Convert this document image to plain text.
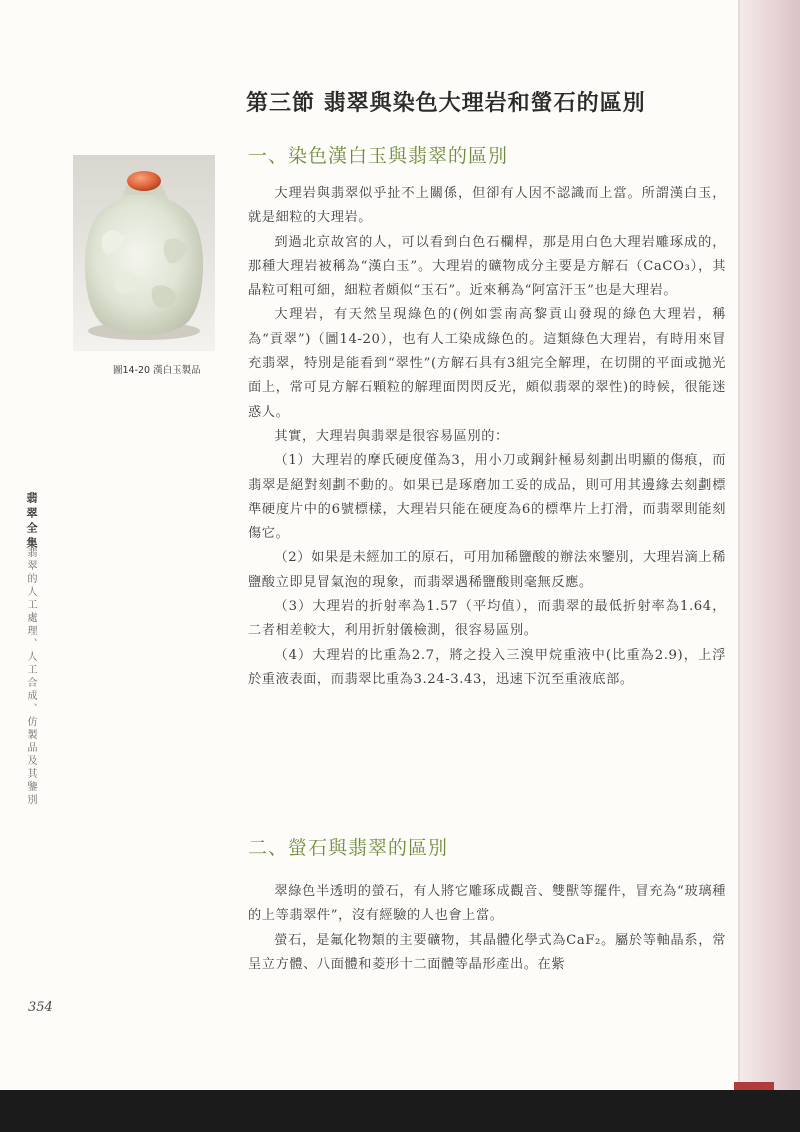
第三節 翡翠與染色大理岩和螢石的區別
一、染色漢白玉與翡翠的區別
圖14-20 漢白玉製品
翡翠全集
翡翠的人工處理、人工合成、仿製品及其鑒別

大理岩與翡翠似乎扯不上關係，但卻有人因不認識而上當。所謂漢白玉，就是細粒的大理岩。

到過北京故宮的人，可以看到白色石欄桿，那是用白色大理岩雕琢成的，那種大理岩被稱為“漢白玉”。大理岩的礦物成分主要是方解石（CaCO₃），其晶粒可粗可細，細粒者頗似“玉石”。近來稱為“阿富汗玉”也是大理岩。

大理岩，有天然呈現綠色的(例如雲南高黎貢山發現的綠色大理岩，稱為“貢翠”)（圖14-20），也有人工染成綠色的。這類綠色大理岩，有時用來冒充翡翠，特別是能看到“翠性”(方解石具有3組完全解理，在切開的平面或拋光面上，常可見方解石顆粒的解理面閃閃反光，頗似翡翠的翠性)的時候，很能迷惑人。

其實，大理岩與翡翠是很容易區別的：

（1）大理岩的摩氏硬度僅為3，用小刀或鋼針極易刻劃出明顯的傷痕，而翡翠是絕對刻劃不動的。如果已是琢磨加工妥的成品，則可用其邊緣去刻劃標準硬度片中的6號標樣，大理岩只能在硬度為6的標準片上打滑，而翡翠則能刻傷它。

（2）如果是未經加工的原石，可用加稀鹽酸的辦法來鑒別，大理岩滴上稀鹽酸立即見冒氣泡的現象，而翡翠遇稀鹽酸則毫無反應。

（3）大理岩的折射率為1.57（平均值），而翡翠的最低折射率為1.64，二者相差較大，利用折射儀檢測，很容易區別。

（4）大理岩的比重為2.7，將之投入三溴甲烷重液中(比重為2.9)，上浮於重液表面，而翡翠比重為3.24-3.43，迅速下沉至重液底部。

二、螢石與翡翠的區別

翠綠色半透明的螢石，有人將它雕琢成觀音、雙獸等擺件，冒充為“玻璃種的上等翡翠件”，沒有經驗的人也會上當。

螢石，是氟化物類的主要礦物，其晶體化學式為CaF₂。屬於等軸晶系，常呈立方體、八面體和菱形十二面體等晶形產出。在紫

354
